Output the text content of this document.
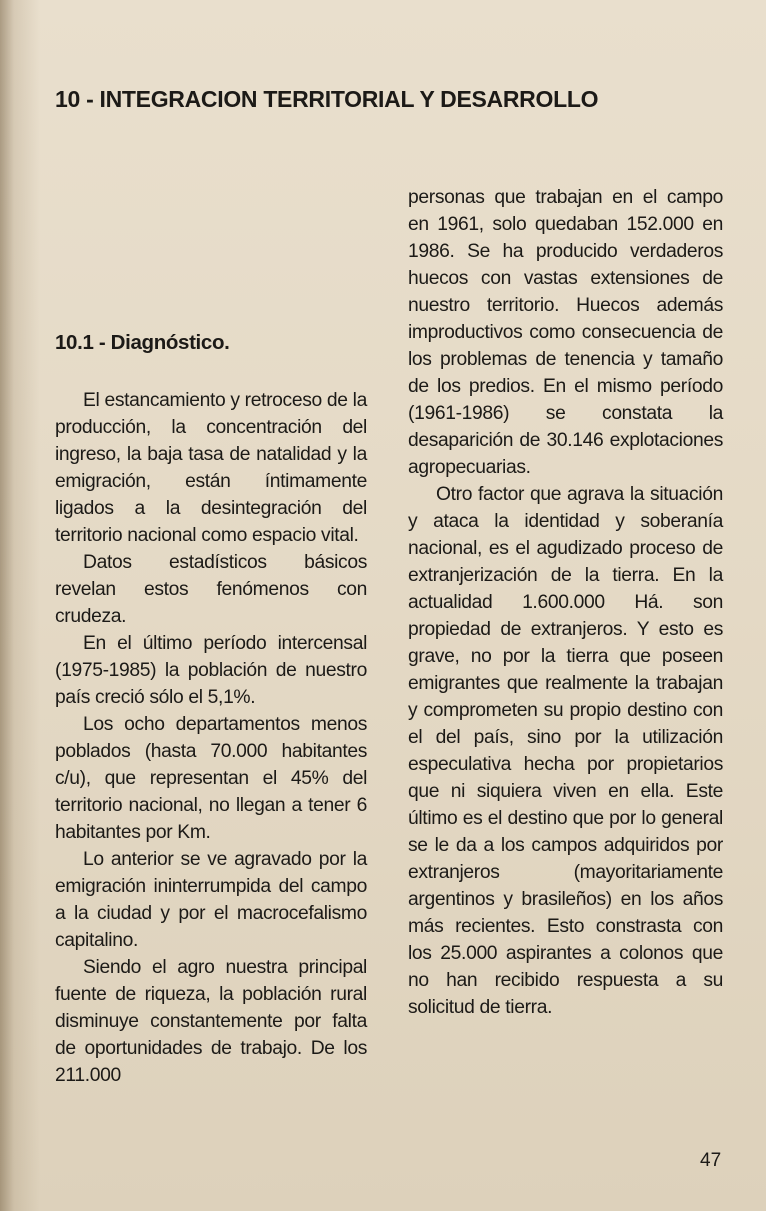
10 - INTEGRACION TERRITORIAL Y DESARROLLO
10.1 - Diagnóstico.

El estancamiento y retroceso de la producción, la concentración del ingreso, la baja tasa de natalidad y la emigración, están íntimamente ligados a la desintegración del territorio nacional como espacio vital.

Datos estadísticos básicos revelan estos fenómenos con crudeza.

En el último período intercensal (1975-1985) la población de nuestro país creció sólo el 5,1%.

Los ocho departamentos menos poblados (hasta 70.000 habitantes c/u), que representan el 45% del territorio nacional, no llegan a tener 6 habitantes por Km.

Lo anterior se ve agravado por la emigración ininterrumpida del campo a la ciudad y por el macrocefalismo capitalino.

Siendo el agro nuestra principal fuente de riqueza, la población rural disminuye constantemente por falta de oportunidades de trabajo. De los 211.000

personas que trabajan en el campo en 1961, solo quedaban 152.000 en 1986. Se ha producido verdaderos huecos con vastas extensiones de nuestro territorio. Huecos además improductivos como consecuencia de los problemas de tenencia y tamaño de los predios. En el mismo período (1961-1986) se constata la desaparición de 30.146 explotaciones agropecuarias.

Otro factor que agrava la situación y ataca la identidad y soberanía nacional, es el agudizado proceso de extranjerización de la tierra. En la actualidad 1.600.000 Há. son propiedad de extranjeros. Y esto es grave, no por la tierra que poseen emigrantes que realmente la trabajan y comprometen su propio destino con el del país, sino por la utilización especulativa hecha por propietarios que ni siquiera viven en ella. Este último es el destino que por lo general se le da a los campos adquiridos por extranjeros (mayoritariamente argentinos y brasileños) en los años más recientes. Esto constrasta con los 25.000 aspirantes a colonos que no han recibido respuesta a su solicitud de tierra.

47
